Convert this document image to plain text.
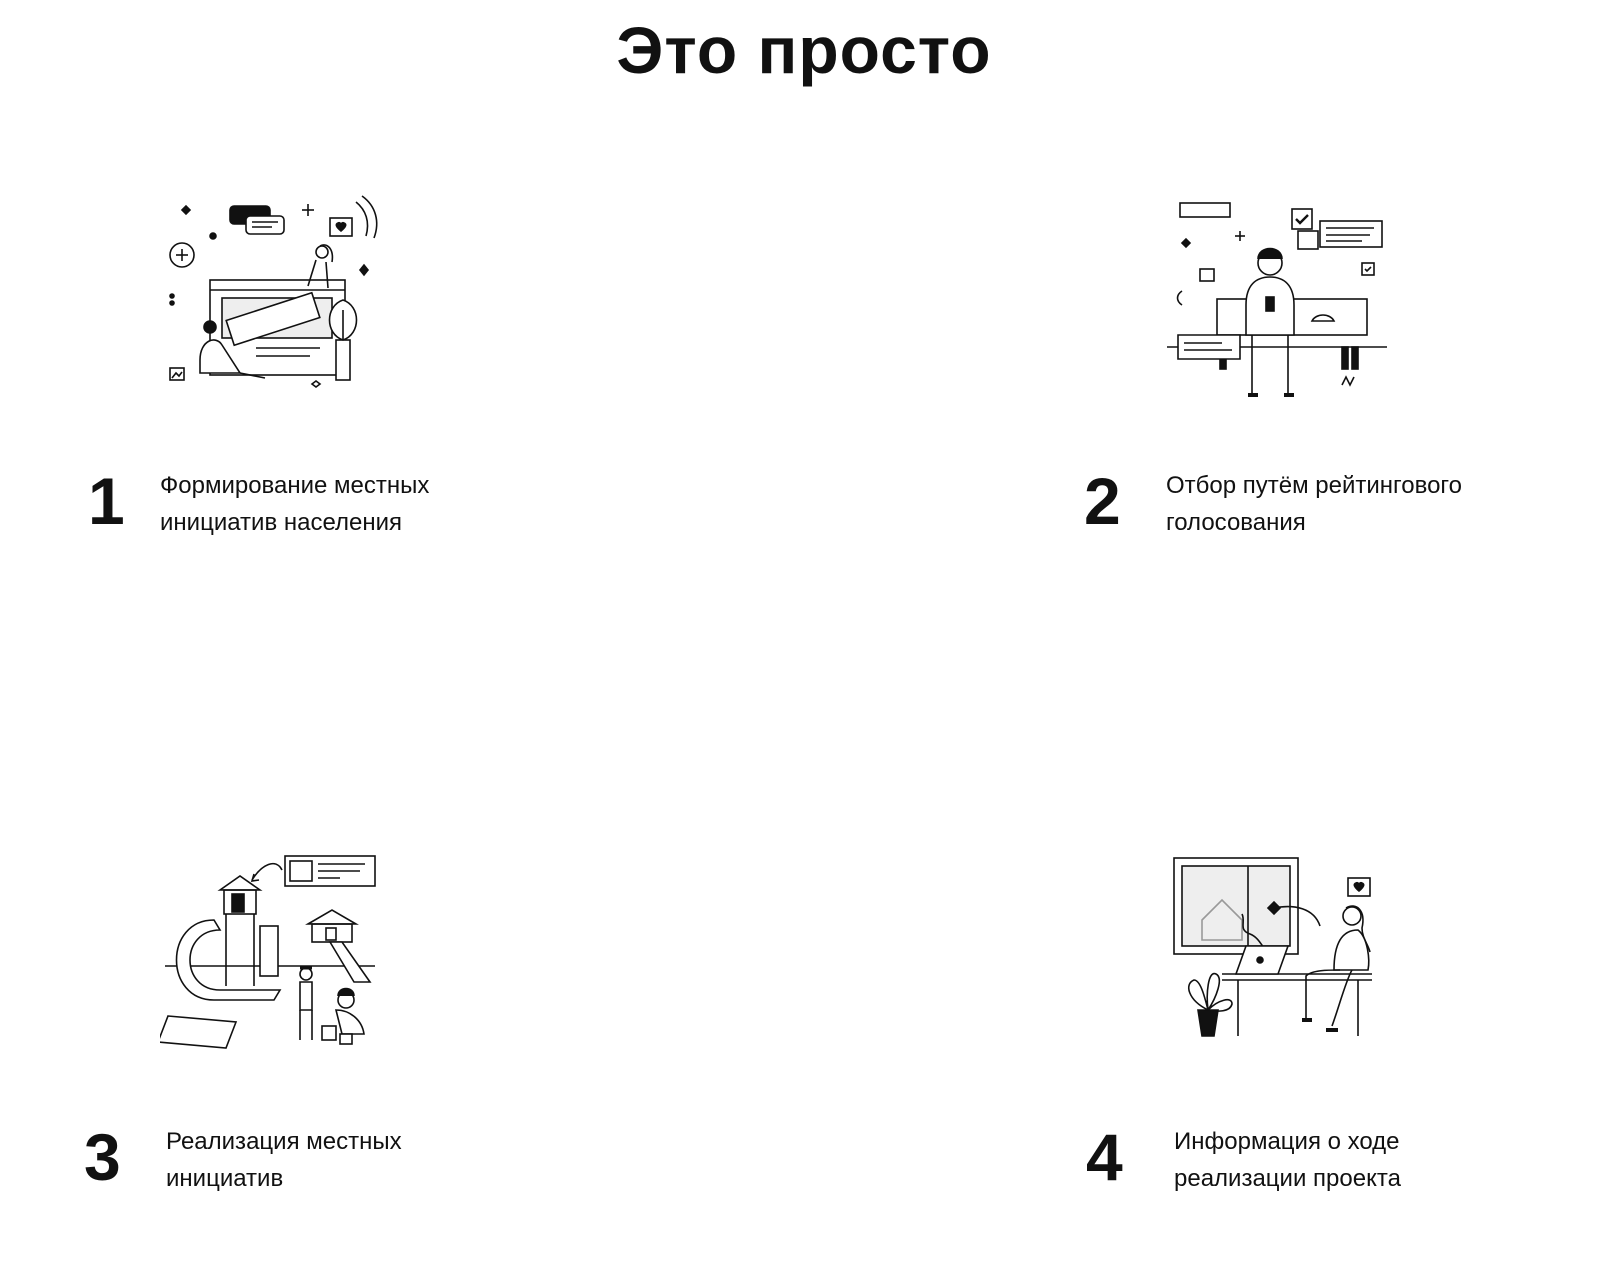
Это просто
1 Формирование местных
инициатив населения	2 Отбор путём рейтингового
голосования
3 Реализация местных
инициатив	4 Информация о ходе
реализации проекта
